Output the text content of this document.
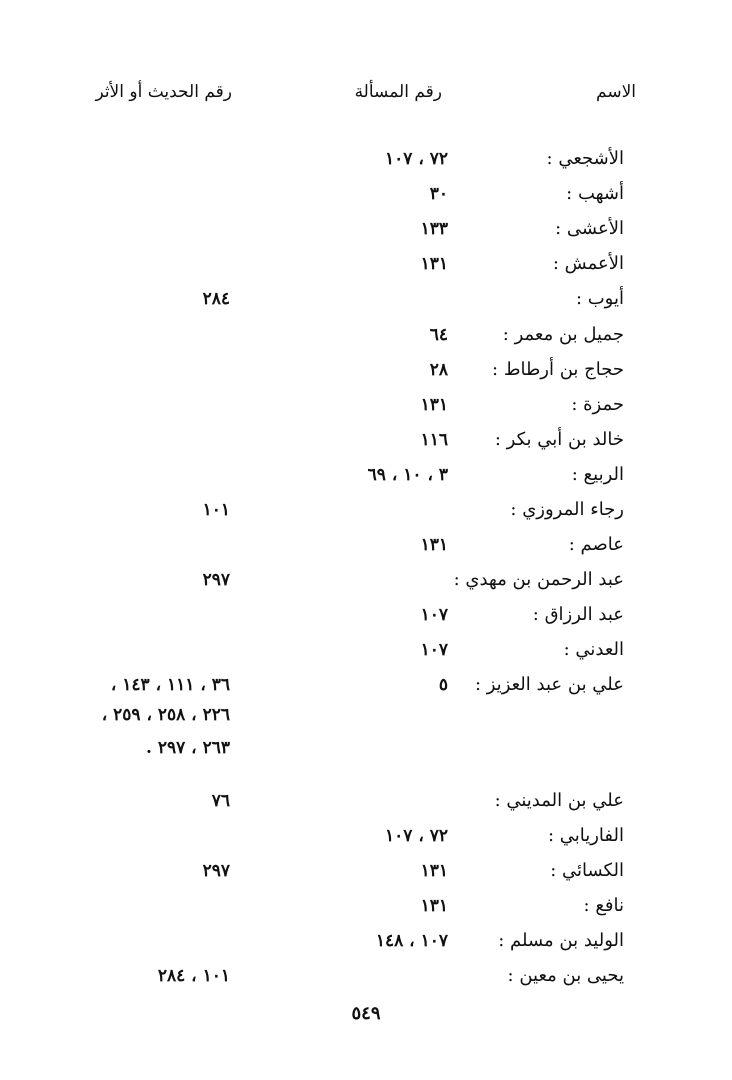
الاسم
رقم المسألة
رقم الحديث أو الأثر
الأشجعي :
٧٢ ، ١٠٧
أشهب :
٣٠
الأعشى :
١٣٣
الأعمش :
١٣١
أيوب :
٢٨٤
جميل بن معمر :
٦٤
حجاج بن أرطاط :
٢٨
حمزة :
١٣١
خالد بن أبي بكر :
١١٦
الربيع :
٣ ، ١٠ ، ٦٩
رجاء المروزي :
١٠١
عاصم :
١٣١
عبد الرحمن بن مهدي :
٢٩٧
عبد الرزاق :
١٠٧
العدني :
١٠٧
علي بن عبد العزيز :
٥
٣٦ ، ١١١ ، ١٤٣ ،
٢٢٦ ، ٢٥٨ ، ٢٥٩ ،
٢٦٣ ، ٢٩٧ .
علي بن المديني :
٧٦
الفاريابي :
٧٢ ، ١٠٧
الكسائي :
١٣١
٢٩٧
نافع :
١٣١
الوليد بن مسلم :
١٠٧ ، ١٤٨
يحيى بن معين :
١٠١ ، ٢٨٤
٥٤٩
